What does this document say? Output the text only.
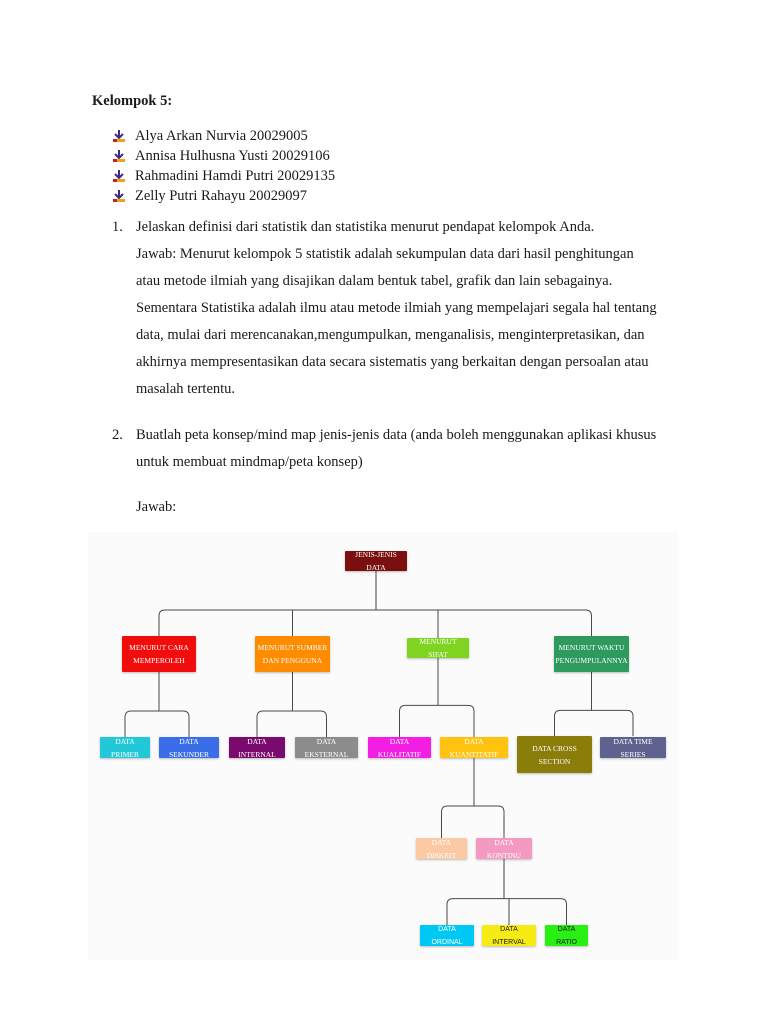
Kelompok 5:
Alya Arkan Nurvia 20029005
Annisa Hulhusna Yusti 20029106
Rahmadini Hamdi Putri 20029135
Zelly Putri Rahayu 20029097
1. Jelaskan definisi dari statistik dan statistika menurut pendapat kelompok Anda.
Jawab: Menurut kelompok 5 statistik adalah sekumpulan data dari hasil penghitungan
atau metode ilmiah yang disajikan dalam bentuk tabel, grafik dan lain sebagainya.
Sementara Statistika adalah ilmu atau metode ilmiah yang mempelajari segala hal tentang
data, mulai dari merencanakan,mengumpulkan, menganalisis, menginterpretasikan, dan
akhirnya mempresentasikan data secara sistematis yang berkaitan dengan persoalan atau
masalah tertentu.
2. Buatlah peta konsep/mind map jenis-jenis data (anda boleh menggunakan aplikasi khusus
untuk membuat mindmap/peta konsep)
Jawab:
JENIS-JENIS DATA
MENURUT CARA
MEMPEROLEH
MENURUT SUMBER
DAN PENGGUNA
MENURUT SIFAT
MENURUT WAKTU
PENGUMPULANNYA
DATA PRIMER
DATA SEKUNDER
DATA INTERNAL
DATA EKSTERNAL
DATA KUALITATIF
DATA KUANTITATIF
DATA CROSS
SECTION
DATA TIME SERIES
DATA DISKRIT
DATA KONTINU
DATA ORDINAL
DATA INTERVAL
DATA RATIO
